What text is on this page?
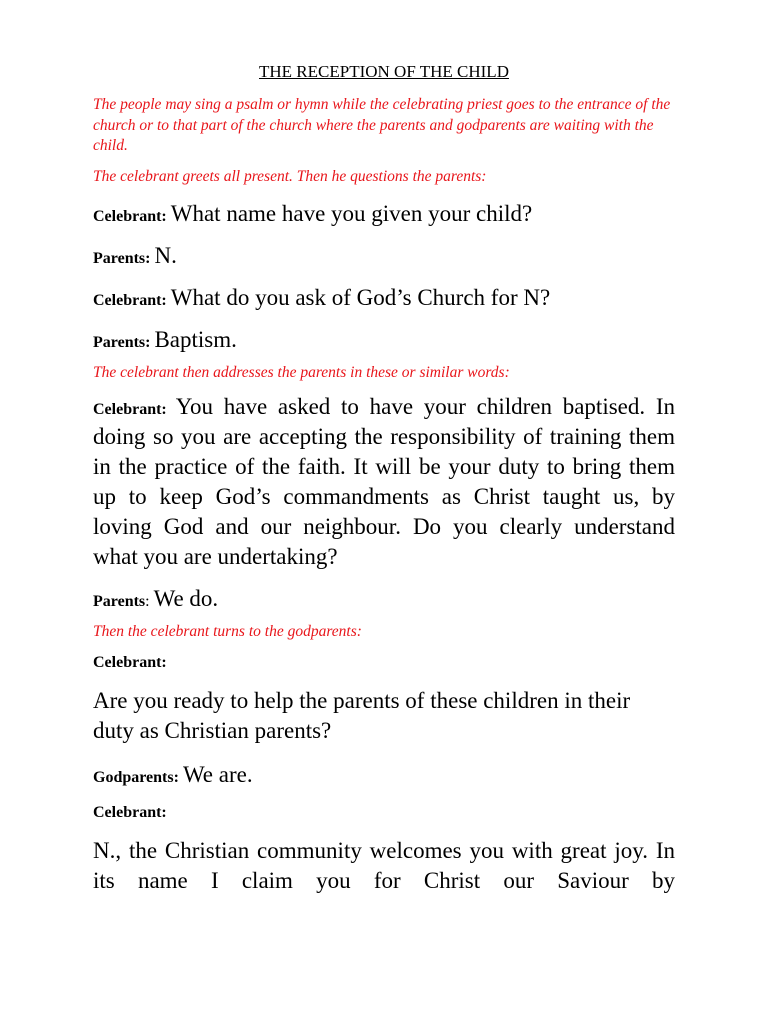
THE RECEPTION OF THE CHILD
The people may sing a psalm or hymn while the celebrating priest goes to the entrance of the church or to that part of the church where the parents and godparents are waiting with the child.
The celebrant greets all present. Then he questions the parents:
Celebrant: What name have you given your child?
Parents: N.
Celebrant: What do you ask of God’s Church for N?
Parents: Baptism.
The celebrant then addresses the parents in these or similar words:
Celebrant: You have asked to have your children baptised. In doing so you are accepting the responsibility of training them in the practice of the faith. It will be your duty to bring them up to keep God’s commandments as Christ taught us, by loving God and our neighbour. Do you clearly understand what you are undertaking?
Parents: We do.
Then the celebrant turns to the godparents:
Celebrant:
Are you ready to help the parents of these children in their duty as Christian parents?
Godparents: We are.
Celebrant:
N., the Christian community welcomes you with great joy. In its name I claim you for Christ our Saviour by
